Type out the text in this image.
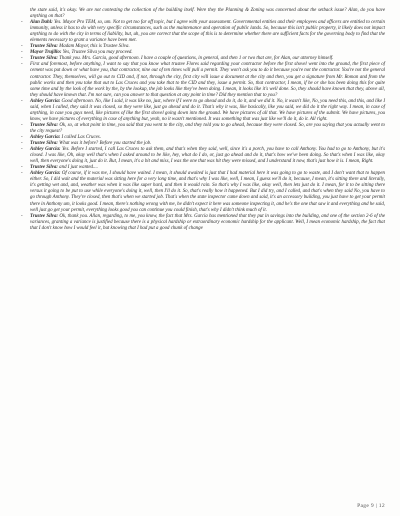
the state said, it's okay. We are not contesting the collection of the building itself. Were they the Planning & Zoning was concerned about the setback issue? Alan, do you have anything on that?

- Alan Dahl: Yes. Mayor Pro TEM, so, um. Not to get too far off topic, but I agree with your assessment. Governmental entities and their employees and officers are entitled to certain immunity, unless it has to do with very specific circumstances, such as the maintenance and operation of public lands. So, because this isn't public property, it likely does not impact anything to do with the city in terms of liability, but, uh, you are correct that the scope of this is to determine whether there are sufficient facts for the governing body to find that the elements necessary to grant a variance have been met.

- Trustee Silva: Madam Mayor, this is Trustee Silva.

- Mayor Trujillo: Yes, Trustee Silva you may proceed.

- Trustee Silva: Thank you. Mrs. Garcia, good afternoon. I have a couple of questions, in general, and then 1 or two that are, for Alan, our attorney himself.

- First and foremost, before anything, I want to say that you know what trustee Flores said regarding your contractor before the first shovel went into the ground, the first piece of cement was put down or what have you, that contractor, nine out of ten times will pull a permit. They won't ask you to do it because you're not the contractor. You're not the general contractor. They, themselves, will go out to CID and, if not, through the city, first city will issue a document at the city and then, you get a signature from Mr. Roman and from the public works and then you take that out to Las Cruces and you take that to the CID and they, issue a permit. So, that contractor, I mean, if he or she has been doing this for quite some time and by the look of the work by the, by the lookup, the job looks like they've been doing. I mean, it looks like it's well done. So, they should have known that they, above all, they should have known that. I'm not sure, can you answer to that question at any point in time? Did they mention that to you?

- Ashley Garcia: Good afternoon. No, like I said, it was like no, just, where if I were to go ahead and do it, do it, and we did it. No, it wasn't like, No, you need this, and this, and like I said, when I called, they said it was closed, so they were like, just go ahead and do it. That's why it was, like basically, like you said, we did do it the right way. I mean, in case of anything, in case you guys need, like pictures of like the first shovel going down into the ground. We have pictures of all that. We have pictures of the submit. We have pictures, you know, we have pictures of everything in case of anything but, yeah, no it wasn't mentioned. It was something that was just like we'll do it, do it. All right.

- Trustee Silva: Ok, so, at what point in time, you said that you went to the city, and they told you to go ahead, because they were closed. So, are you saying that you actually went to the city request?

- Ashley Garcia: I called Las Cruces.

- Trustee Silva: What was it before? Before you started the job.

- Ashley Garcia: Yes. Before I started, I call Las Cruces to ask them, and that's when they said, well, since it's a porch, you have to call Anthony. You had to go to Anthony, but it's closed. I was like, Oh, okay well that's when I asked around to be like, hey, what do I do, or, just go ahead and do it, that's how we've been doing. So that's when I was like, okay well, then everyone's doing it, just do it. But, I mean, it's a bit and miss, I was the one that was hit they were missed, and I understand it now, that's just how it is. I mean, Right.

- Trustee Silva: and I just wanted....

- Ashley Garcia: Of course, if it was me, I should have waited. I mean, it should awaited is just that I had material here it was going to go to waste, and I don't want that to happen either. So, I did wait and the material was sitting here for a very long time, and that's why I was like, well, I mean, I guess we'll do it, because, I mean, it's sitting there and literally, it's getting wet and, and, weather was when it was like super hard, and then it would rain. So that's why I was like, okay well, then lets just do it. I mean, for it to be sitting there versus it going to be put to use while everyone's doing it, well, then I'll do it. So, that's really how it happened. But I did try, and I called, and that's when they said No, you have to go through Anthony. They're closed, then that's when we started job. That's when the state inspector came down and said, it's an accessory building, you just have to get your permit there in Anthony um, it looks good. I mean, there's nothing wrong with me, he didn't expect it here was someone inspecting it, and he's the one that saw it and everything and he said, well just go get your permit, everything looks good you can continue you could finish, that's why I didn't think much of it.

- Trustee Silva: Ok, thank you. Allan, regarding, to me, you know, the fact that Mrs. Garcia has mentioned that they put in savings into the building, and one of the section 2-6 of the variances, granting a variance is justified because there is a physical hardship or extraordinary economic hardship for the applicant. Well, I mean economic hardship, the fact that that I don't know how I would feel it, but knowing that I had put a good chunk of change

Page 9 | 12
